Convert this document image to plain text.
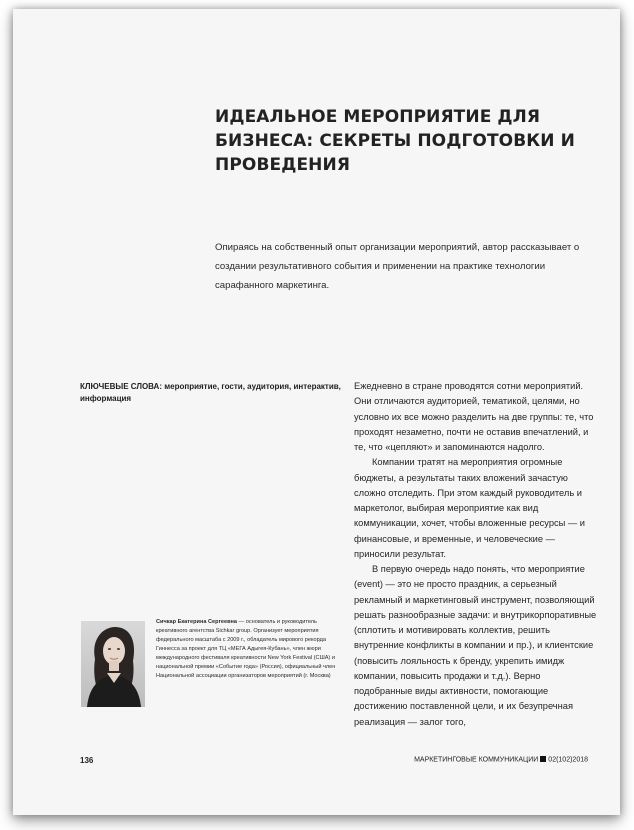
ИДЕАЛЬНОЕ МЕРОПРИЯТИЕ ДЛЯ БИЗНЕСА: СЕКРЕТЫ ПОДГОТОВКИ И ПРОВЕДЕНИЯ
Опираясь на собственный опыт организации мероприятий, автор рассказывает о создании результативного события и применении на практике технологии сарафанного маркетинга.
КЛЮЧЕВЫЕ СЛОВА: мероприятие, гости, аудитория, интерактив, информация

Ежедневно в стране проводятся сотни мероприятий. Они отличаются аудиторией, тематикой, целями, но условно их все можно разделить на две группы: те, что проходят незаметно, почти не оставив впечатлений, и те, что «цепляют» и запоминаются надолго.

Компании тратят на мероприятия огромные бюджеты, а результаты таких вложений зачастую сложно отследить. При этом каждый руководитель и маркетолог, выбирая мероприятие как вид коммуникации, хочет, чтобы вложенные ресурсы — и финансовые, и временные, и человеческие — приносили результат.

В первую очередь надо понять, что мероприятие (event) — это не просто праздник, а серьезный рекламный и маркетинговый инструмент, позволяющий решать разнообразные задачи: и внутрикорпоративные (сплотить и мотивировать коллектив, решить внутренние конфликты в компании и пр.), и клиентские (повысить лояльность к бренду, укрепить имидж компании, повысить продажи и т.д.). Верно подобранные виды активности, помогающие достижению поставленной цели, и их безупречная реализация — залог того,

Сичкар Екатерина Сергеевна — основатель и руководитель креативного агентства Sichkar group. Организует мероприятия федерального масштаба с 2009 г., обладатель мирового рекорда Гиннесса за проект для ТЦ «МЕГА Адыгея-Кубань», член жюри международного фестиваля креативности New York Festival (США) и национальной премии «Событие года» (Россия), официальный член Национальной ассоциации организаторов мероприятий (г. Москва)
136	МАРКЕТИНГОВЫЕ КОММУНИКАЦИИ 02(102)2018
